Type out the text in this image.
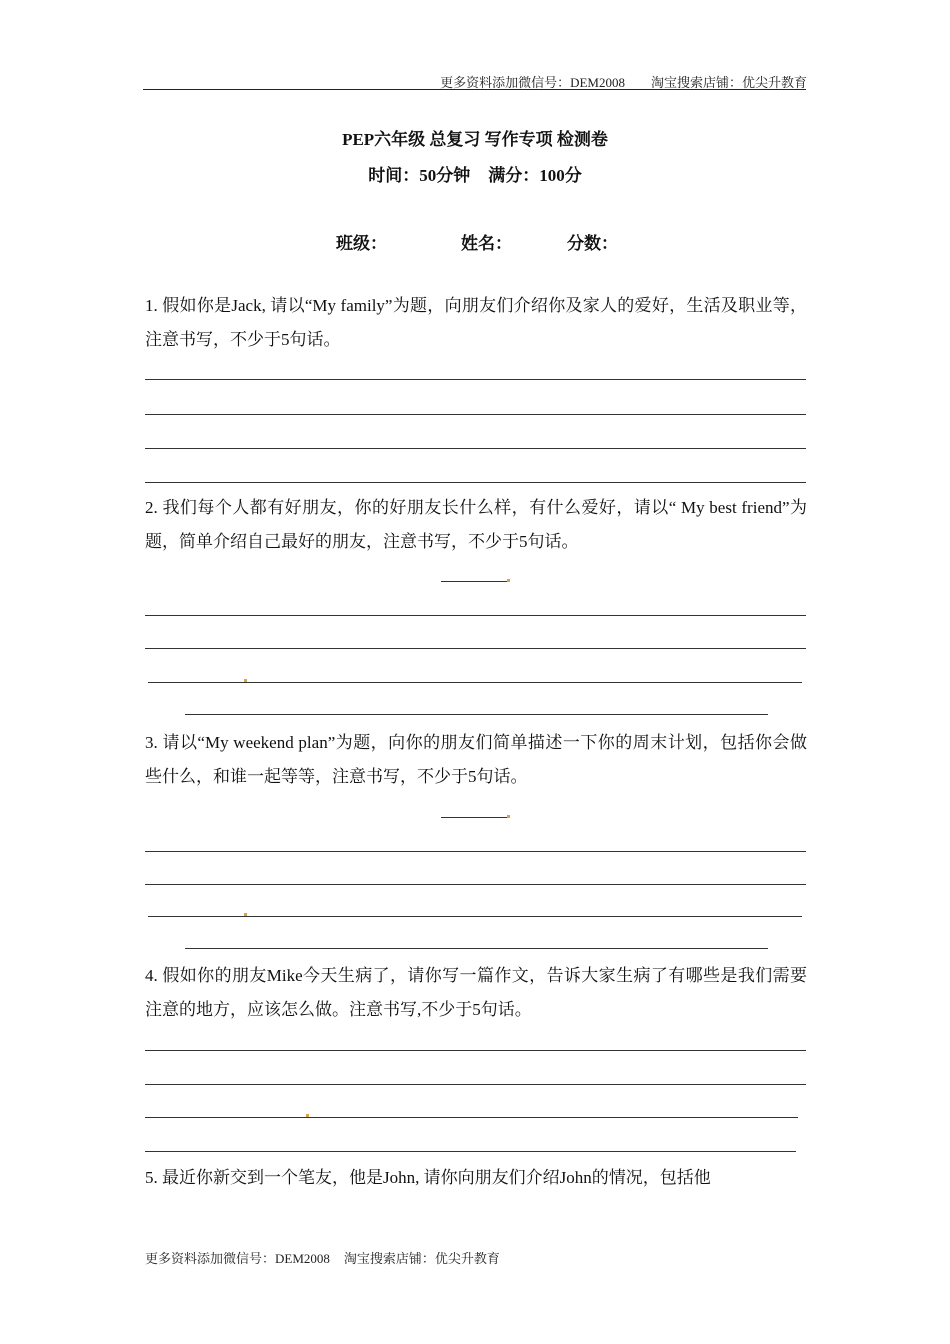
更多资料添加微信号：DEM2008 淘宝搜索店铺：优尖升教育
PEP六年级 总复习 写作专项 检测卷
时间：50分钟 满分：100分
班级：	姓名：	分数：
1. 假如你是Jack, 请以“My family”为题，向朋友们介绍你及家人的爱好，生活及职业等，注意书写，不少于5句话。
2. 我们每个人都有好朋友，你的好朋友长什么样，有什么爱好，请以“ My best friend”为题，简单介绍自己最好的朋友，注意书写，不少于5句话。
3. 请以“My weekend plan”为题，向你的朋友们简单描述一下你的周末计划，包括你会做些什么，和谁一起等等，注意书写，不少于5句话。
4. 假如你的朋友Mike今天生病了，请你写一篇作文，告诉大家生病了有哪些是我们需要注意的地方，应该怎么做。注意书写,不少于5句话。
5. 最近你新交到一个笔友，他是John, 请你向朋友们介绍John的情况，包括他
更多资料添加微信号：DEM2008 淘宝搜索店铺：优尖升教育
